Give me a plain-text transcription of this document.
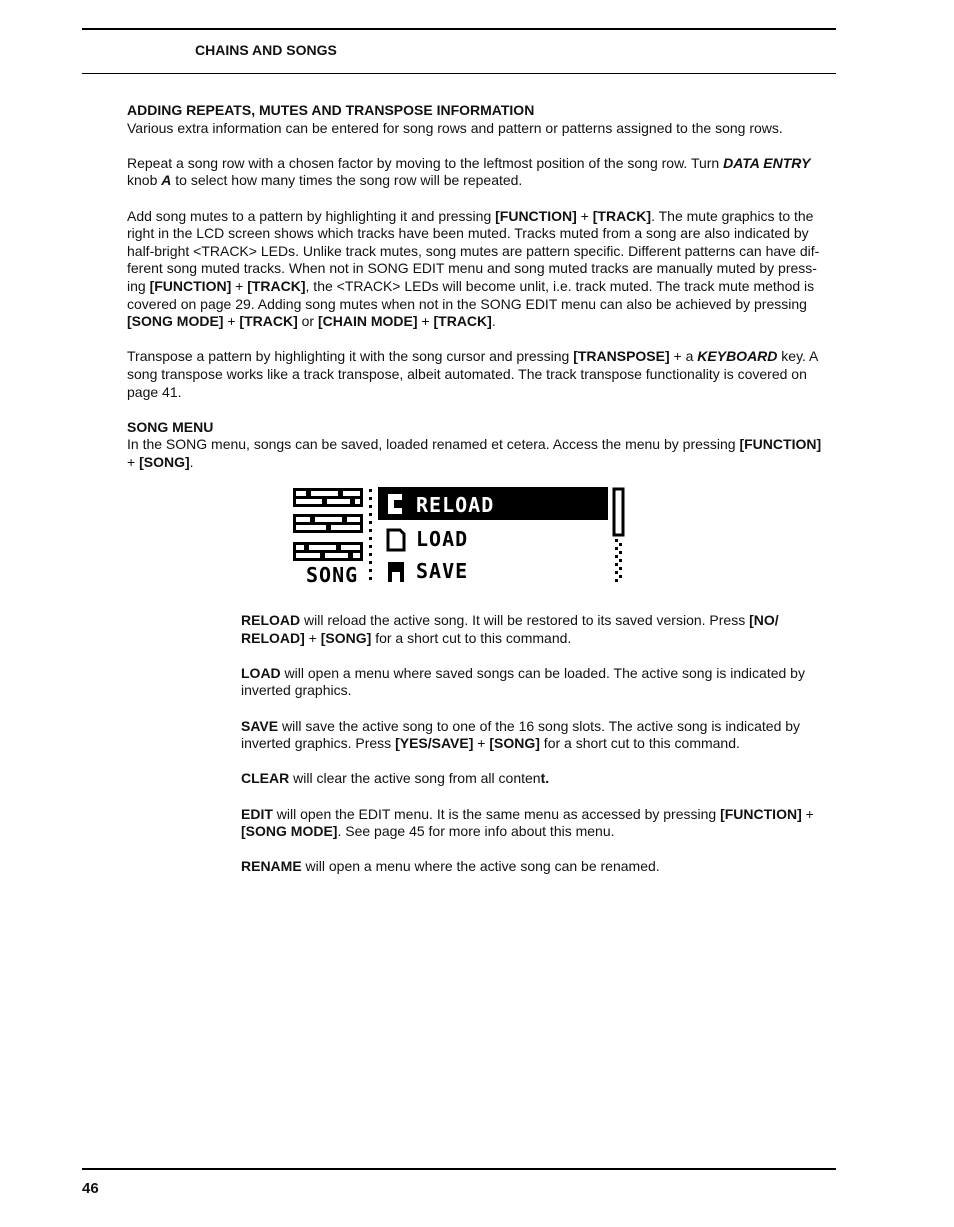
CHAINS AND SONGS

ADDING REPEATS, MUTES AND TRANSPOSE INFORMATION

Various extra information can be entered for song rows and pattern or patterns assigned to the song rows.

Repeat a song row with a chosen factor by moving to the leftmost position of the song row. Turn DATA ENTRY
knob A to select how many times the song row will be repeated.

Add song mutes to a pattern by highlighting it and pressing [FUNCTION] + [TRACK]. The mute graphics to the
right in the LCD screen shows which tracks have been muted. Tracks muted from a song are also indicated by
half-bright <TRACK> LEDs. Unlike track mutes, song mutes are pattern specific. Different patterns can have dif-
ferent song muted tracks. When not in SONG EDIT menu and song muted tracks are manually muted by press-
ing [FUNCTION] + [TRACK], the <TRACK> LEDs will become unlit, i.e. track muted. The track mute method is
covered on page 29. Adding song mutes when not in the SONG EDIT menu can also be achieved by pressing
[SONG MODE] + [TRACK] or [CHAIN MODE] + [TRACK].

Transpose a pattern by highlighting it with the song cursor and pressing [TRANSPOSE] + a KEYBOARD key. A
song transpose works like a track transpose, albeit automated. The track transpose functionality is covered on
page 41.

SONG MENU

In the SONG menu, songs can be saved, loaded renamed et cetera. Access the menu by pressing [FUNCTION]
+ [SONG].

SONG
RELOAD
LOAD
SAVE

RELOAD will reload the active song. It will be restored to its saved version. Press [NO/
RELOAD] + [SONG] for a short cut to this command.

LOAD will open a menu where saved songs can be loaded. The active song is indicated by
inverted graphics.

SAVE will save the active song to one of the 16 song slots. The active song is indicated by
inverted graphics. Press [YES/SAVE] + [SONG] for a short cut to this command.

CLEAR will clear the active song from all content.

EDIT will open the EDIT menu. It is the same menu as accessed by pressing [FUNCTION] +
[SONG MODE]. See page 45 for more info about this menu.

RENAME will open a menu where the active song can be renamed.

46
